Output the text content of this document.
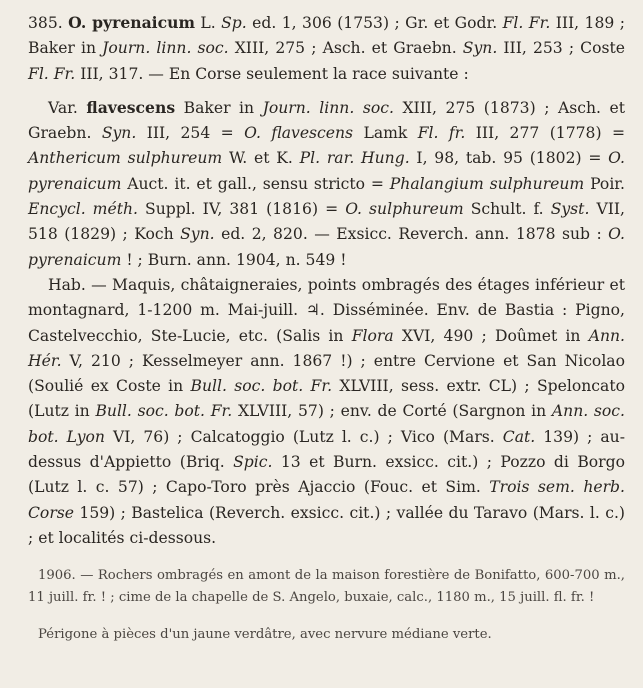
385. O. pyrenaicum L. Sp. ed. 1, 306 (1753) ; Gr. et Godr. Fl. Fr. III, 189 ; Baker in Journ. linn. soc. XIII, 275 ; Asch. et Graebn. Syn. III, 253 ; Coste Fl. Fr. III, 317. — En Corse seulement la race suivante :

Var. flavescens Baker in Journ. linn. soc. XIII, 275 (1873) ; Asch. et Graebn. Syn. III, 254 = O. flavescens Lamk Fl. fr. III, 277 (1778) = Anthericum sulphureum W. et K. Pl. rar. Hung. I, 98, tab. 95 (1802) = O. pyrenaicum Auct. it. et gall., sensu stricto = Phalangium sulphureum Poir. Encycl. méth. Suppl. IV, 381 (1816) = O. sulphureum Schult. f. Syst. VII, 518 (1829) ; Koch Syn. ed. 2, 820. — Exsicc. Reverch. ann. 1878 sub : O. pyrenaicum ! ; Burn. ann. 1904, n. 549 !

Hab. — Maquis, châtaigneraies, points ombragés des étages inférieur et montagnard, 1-1200 m. Mai-juill. ♃. Disséminée. Env. de Bastia : Pigno, Castelvecchio, Ste-Lucie, etc. (Salis in Flora XVI, 490 ; Doûmet in Ann. Hér. V, 210 ; Kesselmeyer ann. 1867 !) ; entre Cervione et San Nicolao (Soulié ex Coste in Bull. soc. bot. Fr. XLVIII, sess. extr. CL) ; Speloncato (Lutz in Bull. soc. bot. Fr. XLVIII, 57) ; env. de Corté (Sargnon in Ann. soc. bot. Lyon VI, 76) ; Calcatoggio (Lutz l. c.) ; Vico (Mars. Cat. 139) ; au-dessus d'Appietto (Briq. Spic. 13 et Burn. exsicc. cit.) ; Pozzo di Borgo (Lutz l. c. 57) ; Capo-Toro près Ajaccio (Fouc. et Sim. Trois sem. herb. Corse 159) ; Bastelica (Reverch. exsicc. cit.) ; vallée du Taravo (Mars. l. c.) ; et localités ci-dessous.

1906. — Rochers ombragés en amont de la maison forestière de Bonifatto, 600-700 m., 11 juill. fr. ! ; cime de la chapelle de S. Angelo, buxaie, calc., 1180 m., 15 juill. fl. fr. !

Périgone à pièces d'un jaune verdâtre, avec nervure médiane verte.
